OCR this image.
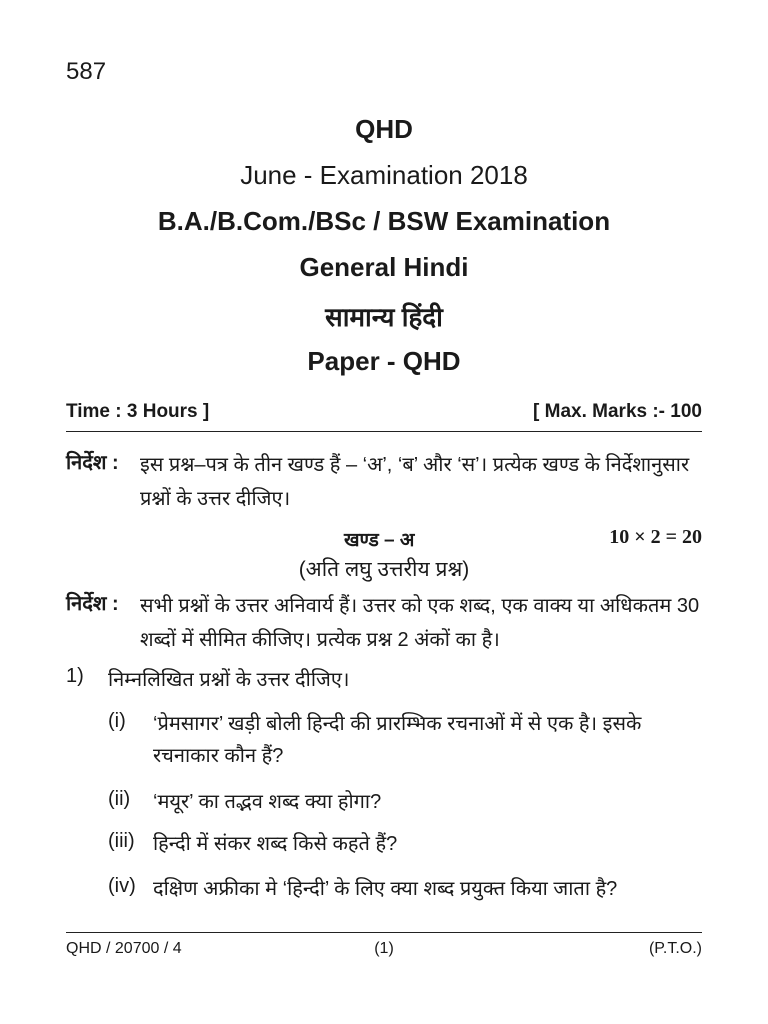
587
QHD
June - Examination 2018
B.A./B.Com./BSc / BSW Examination
General Hindi
सामान्य हिंदी
Paper - QHD
Time : 3 Hours ]	[ Max. Marks :- 100
निर्देश : इस प्रश्न–पत्र के तीन खण्ड हैं – ‘अ’, ‘ब’ और ‘स’। प्रत्येक खण्ड के निर्देशानुसार प्रश्नों के उत्तर दीजिए।
खण्ड – अ	10 × 2 = 20
(अति लघु उत्तरीय प्रश्न)
निर्देश : सभी प्रश्नों के उत्तर अनिवार्य हैं। उत्तर को एक शब्द, एक वाक्य या अधिकतम 30 शब्दों में सीमित कीजिए। प्रत्येक प्रश्न 2 अंकों का है।
1) निम्नलिखित प्रश्नों के उत्तर दीजिए।
(i) ‘प्रेमसागर’ खड़ी बोली हिन्दी की प्रारम्भिक रचनाओं में से एक है। इसके रचनाकार कौन हैं?
(ii) ‘मयूर’ का तद्भव शब्द क्या होगा?
(iii) हिन्दी में संकर शब्द किसे कहते हैं?
(iv) दक्षिण अफ्रीका मे ‘हिन्दी’ के लिए क्या शब्द प्रयुक्त किया जाता है?
QHD / 20700 / 4	(1)	(P.T.O.)
